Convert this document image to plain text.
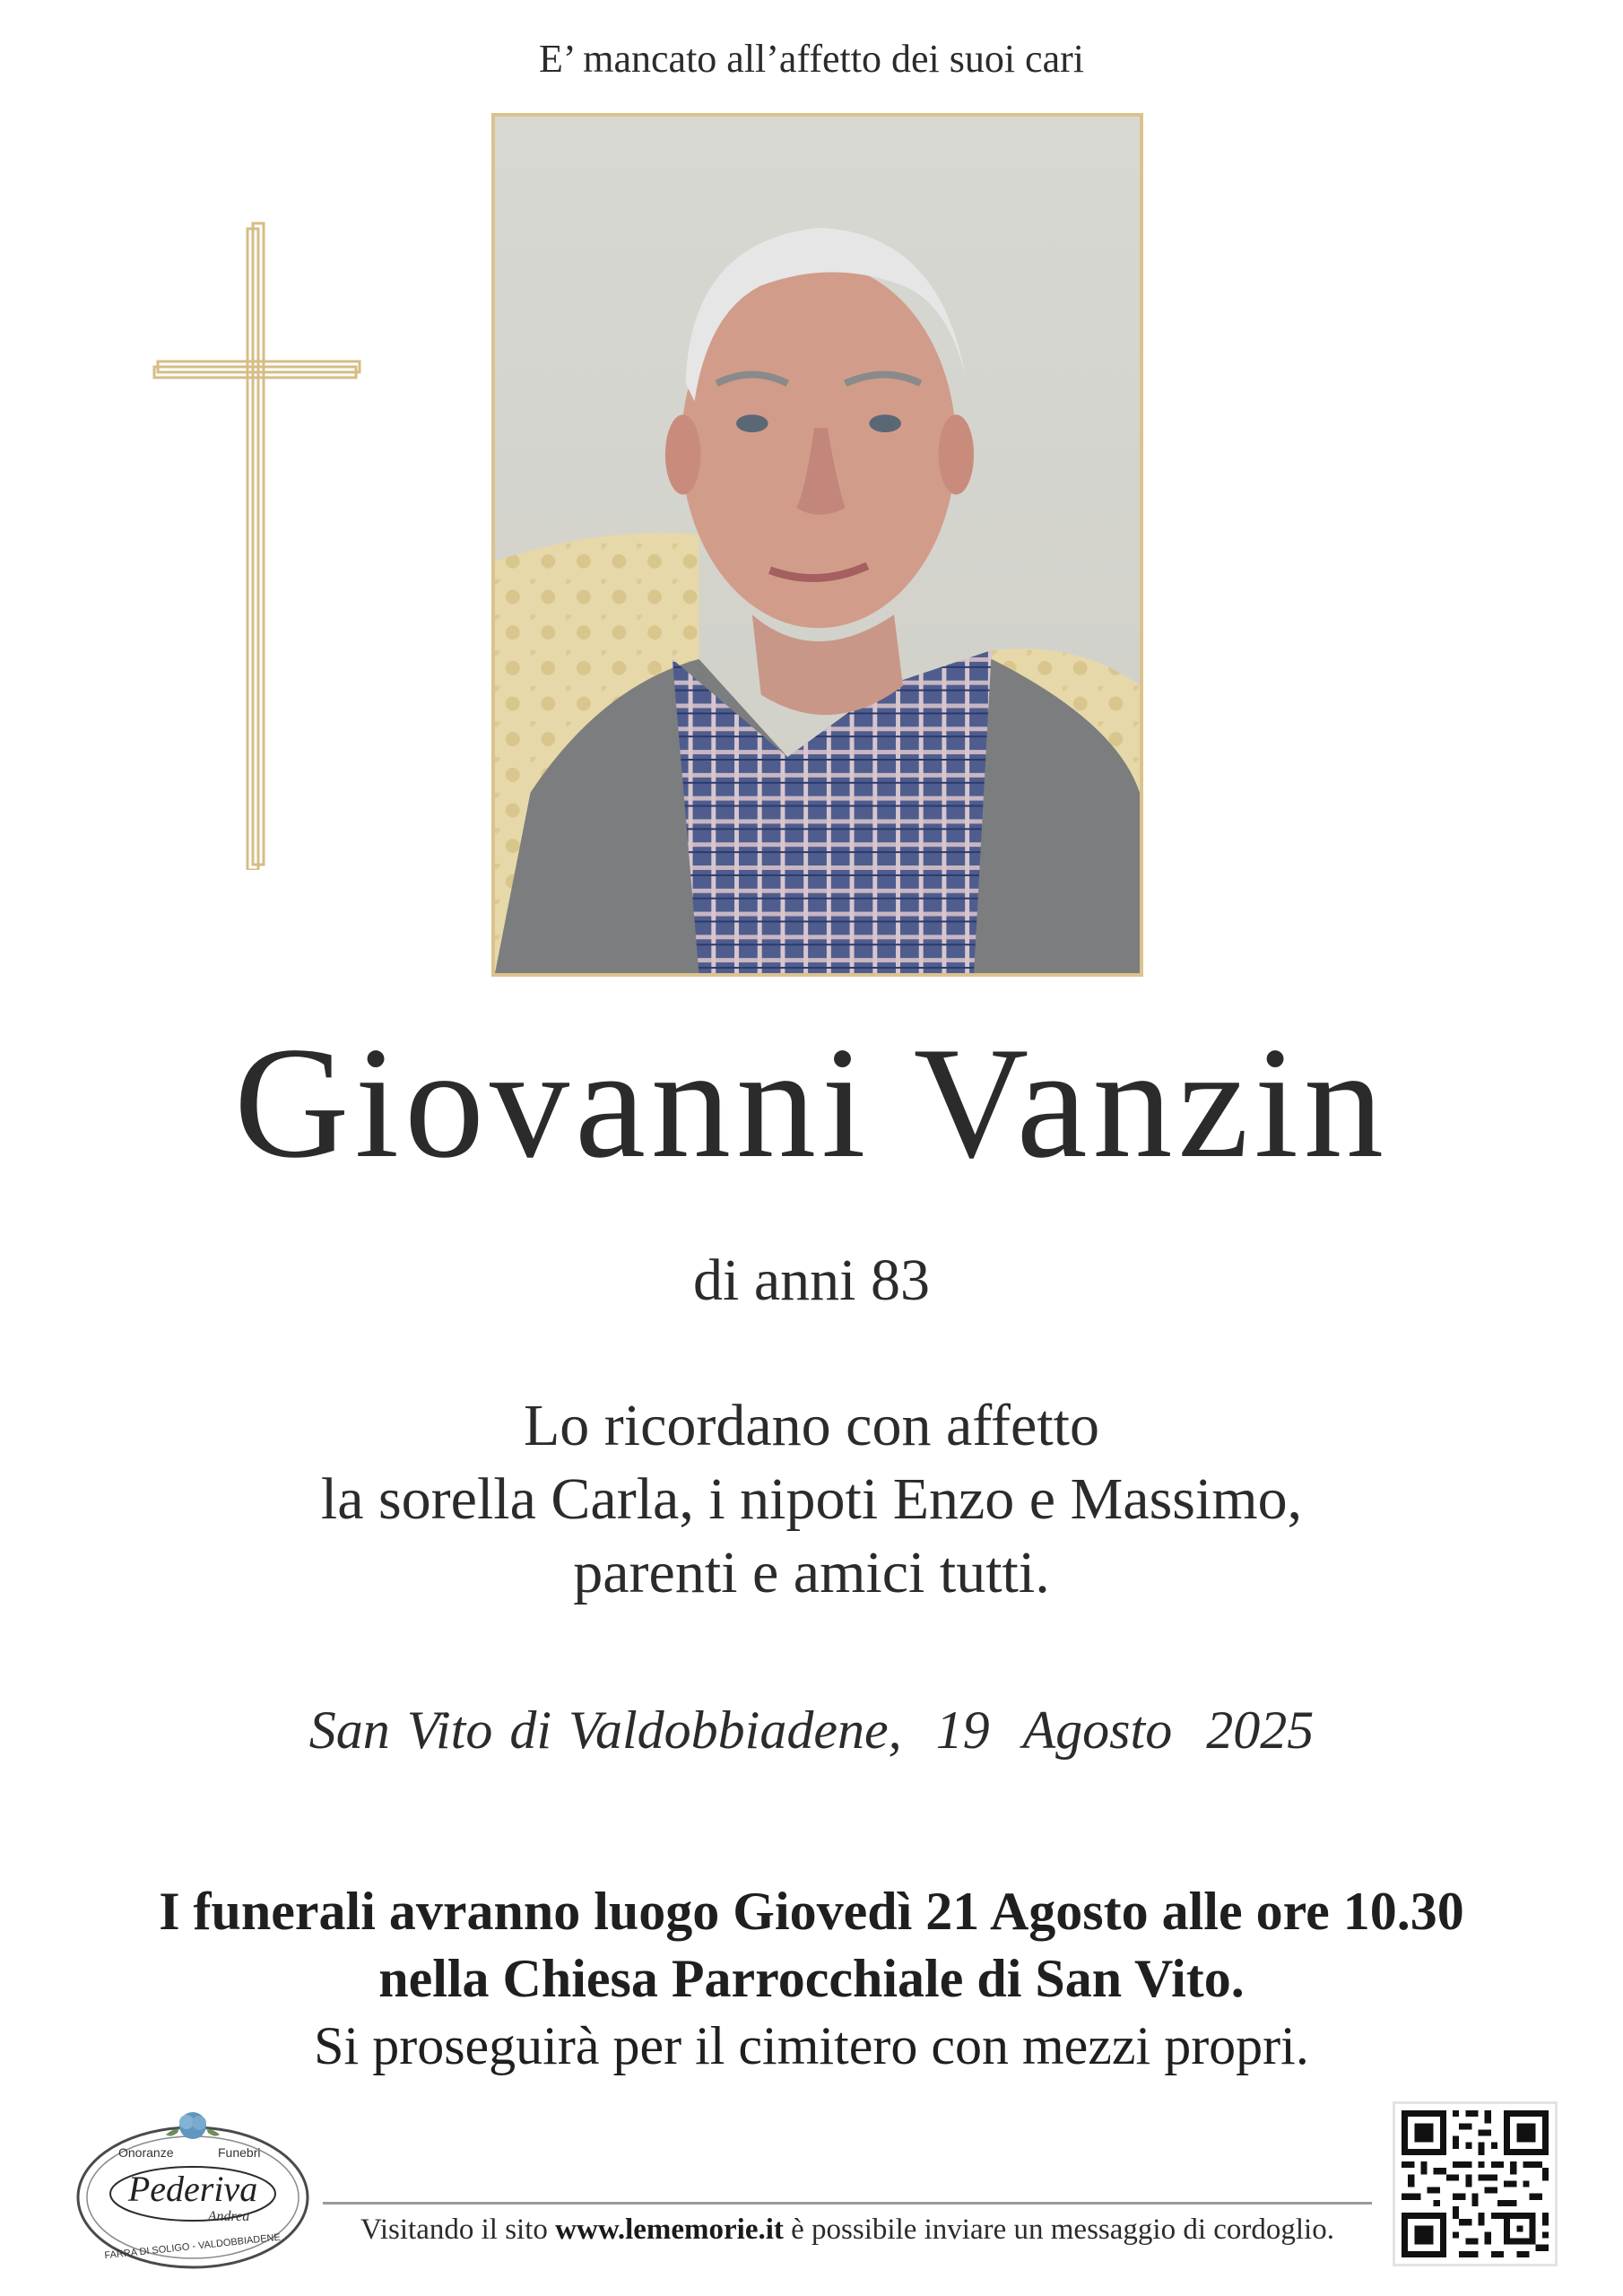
E’ mancato all’affetto dei suoi cari
Giovanni Vanzin
di anni 83
Lo ricordano con affetto
la sorella Carla, i nipoti Enzo e Massimo,
parenti e amici tutti.
San Vito di Valdobbiadene,  19  Agosto  2025
I funerali avranno luogo Giovedì 21 Agosto alle ore 10.30
nella Chiesa Parrocchiale di San Vito.
Si proseguirà per il cimitero con mezzi propri.
Onoranze	Funebri
Pederiva
Andrea
FARRA DI SOLIGO - VALDOBBIADENE
Visitando il sito www.lememorie.it è possibile inviare un messaggio di cordoglio.
